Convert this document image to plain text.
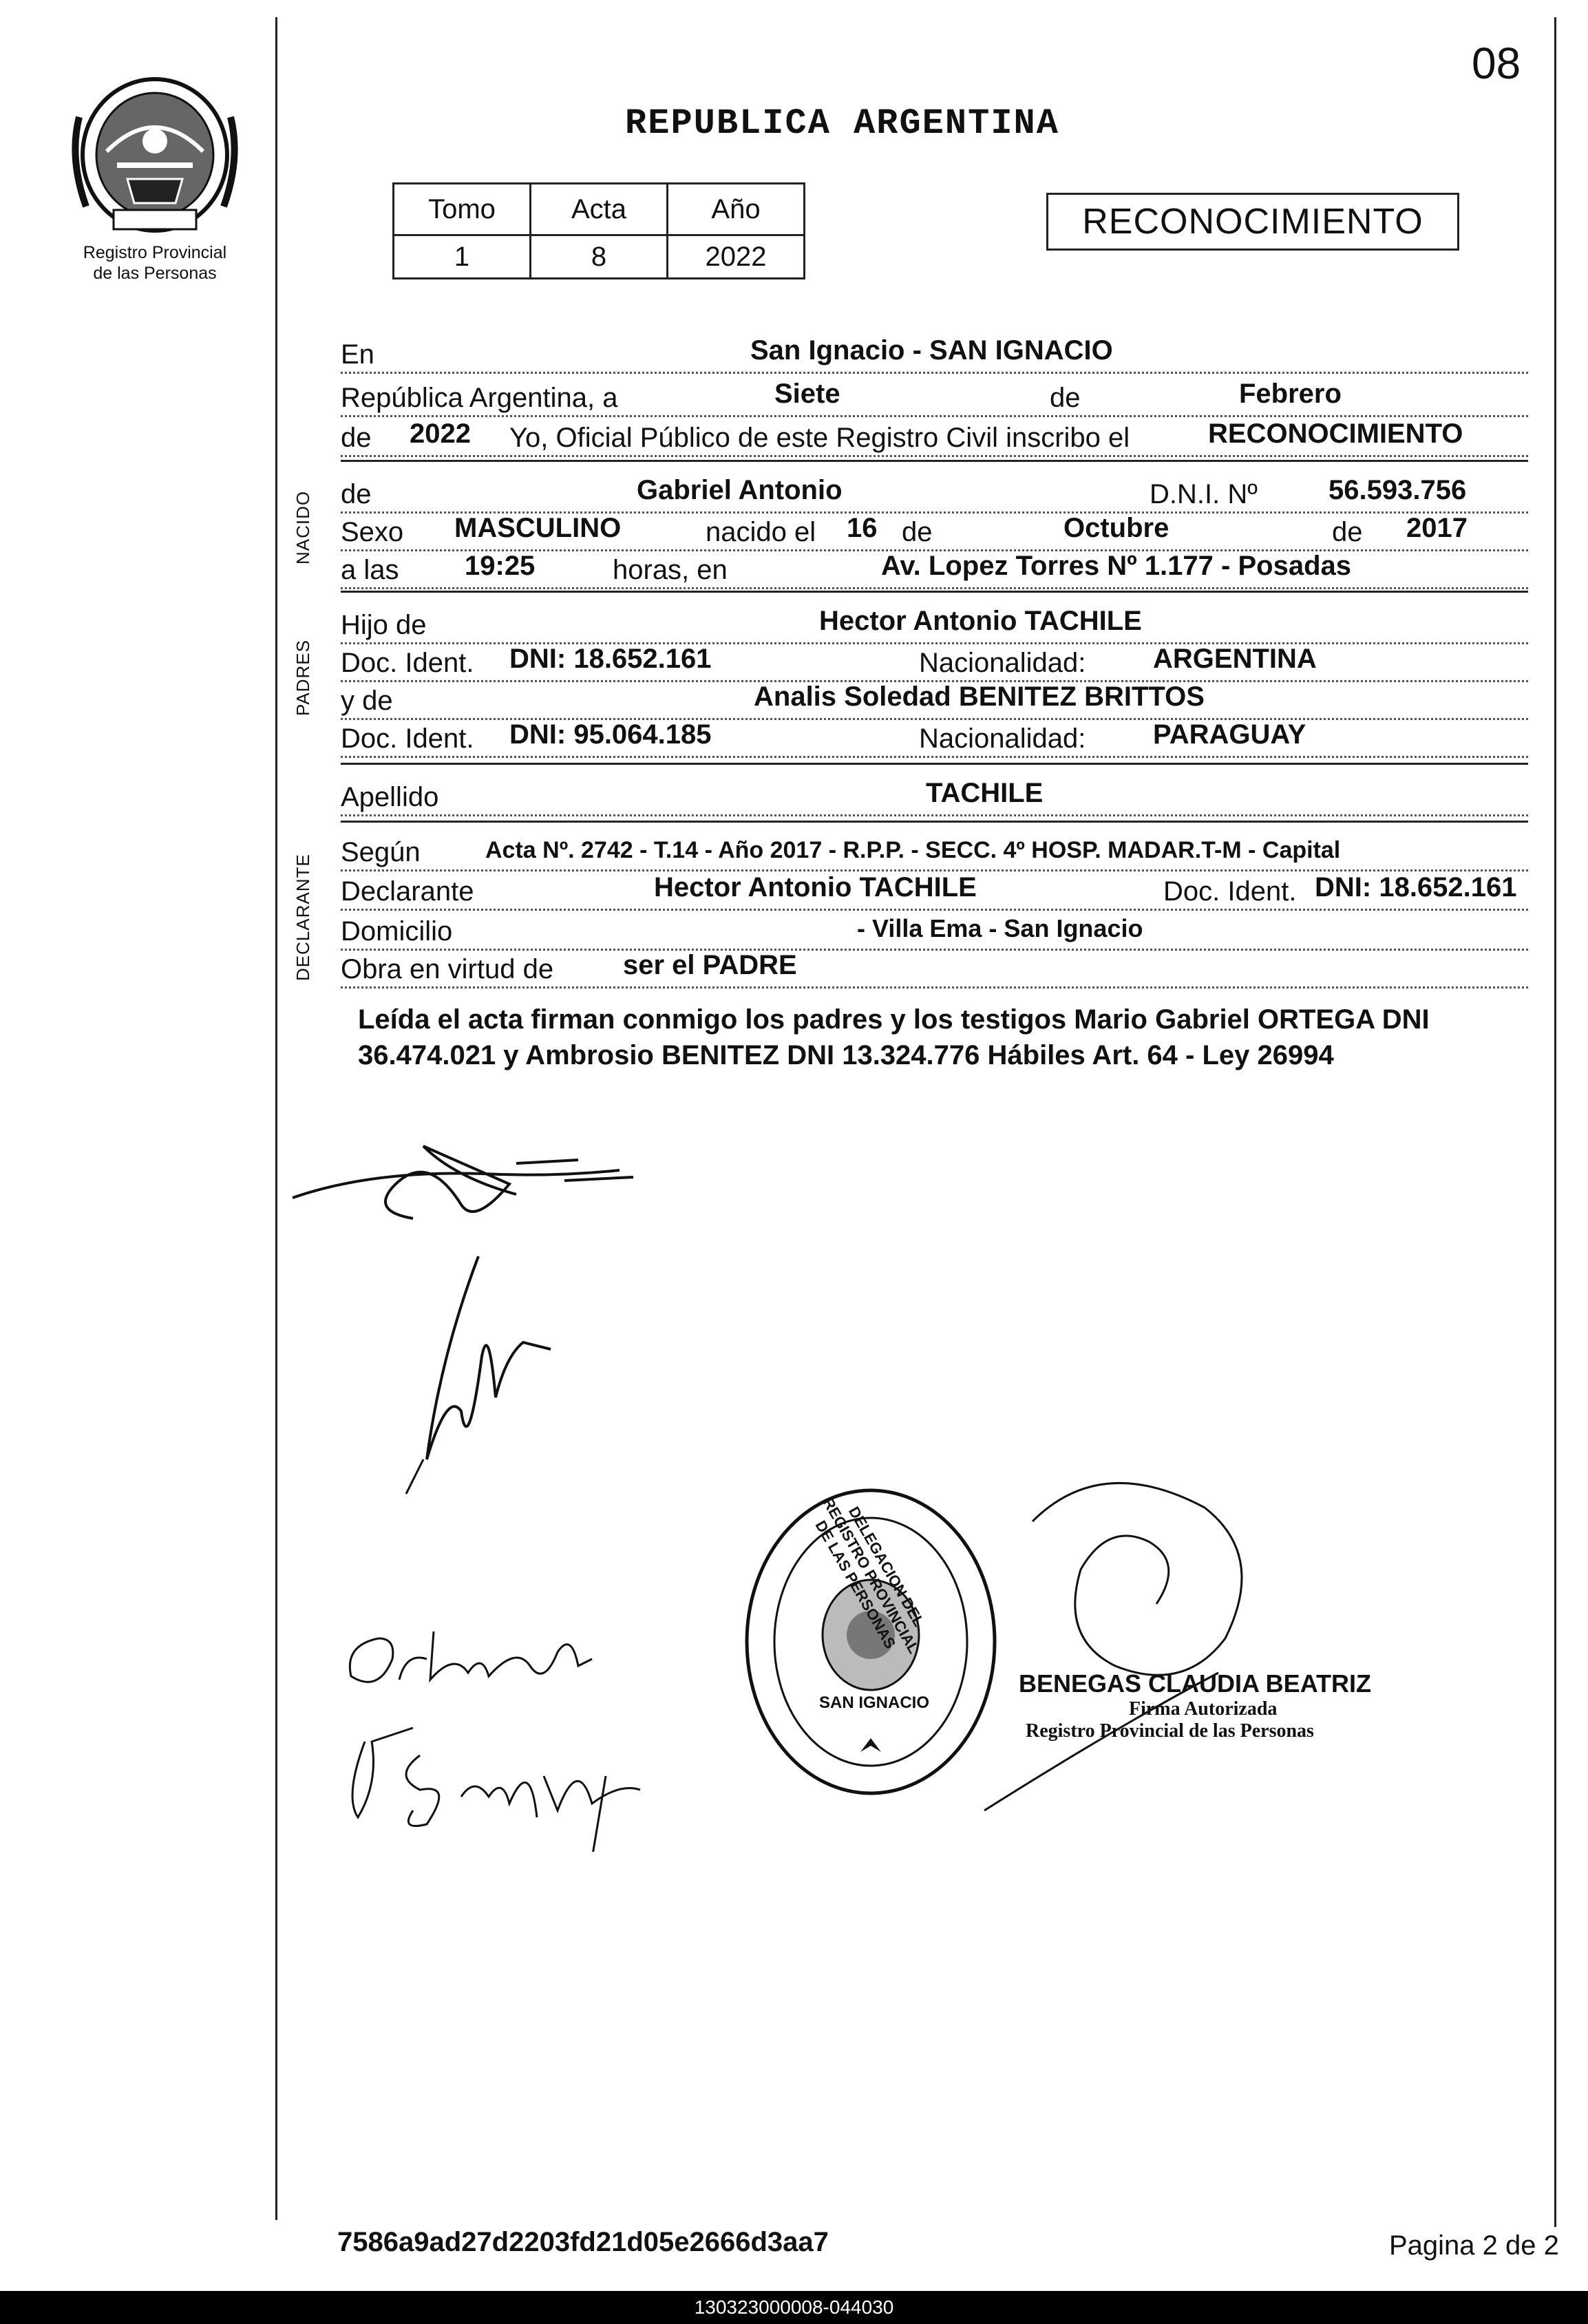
08
Registro Provincial
de las Personas
REPUBLICA ARGENTINA
Tomo	Acta	Año
1	8	2022
RECONOCIMIENTO
NACIDO
PADRES
DECLARANTE
En	San Ignacio - SAN IGNACIO
República Argentina, a	Siete	de	Febrero
de 2022 Yo, Oficial Público de este Registro Civil inscribo el	RECONOCIMIENTO
de	Gabriel Antonio	D.N.I. Nº	56.593.756
Sexo MASCULINO	nacido el 16 de	Octubre	de 2017
a las 19:25	horas, en	Av. Lopez Torres Nº 1.177 - Posadas
Hijo de	Hector Antonio TACHILE
Doc. Ident. DNI: 18.652.161	Nacionalidad: ARGENTINA
y de	Analis Soledad BENITEZ BRITTOS
Doc. Ident. DNI: 95.064.185	Nacionalidad: PARAGUAY
Apellido	TACHILE
Según	Acta Nº. 2742 - T.14 - Año 2017 - R.P.P. - SECC. 4º HOSP. MADAR.T-M - Capital
Declarante	Hector Antonio TACHILE	Doc. Ident. DNI: 18.652.161
Domicilio	- Villa Ema - San Ignacio
Obra en virtud de	ser el PADRE
Leída el acta firman conmigo los padres y los testigos Mario Gabriel ORTEGA DNI 36.474.021 y Ambrosio BENITEZ DNI 13.324.776 Hábiles Art. 64 - Ley 26994
DELEGACION DEL REGISTRO PROVINCIAL DE LAS PERSONAS
SAN IGNACIO
BENEGAS CLAUDIA BEATRIZ
Firma Autorizada
Registro Provincial de las Personas
7586a9ad27d2203fd21d05e2666d3aa7	Pagina 2 de 2
130323000008-044030
